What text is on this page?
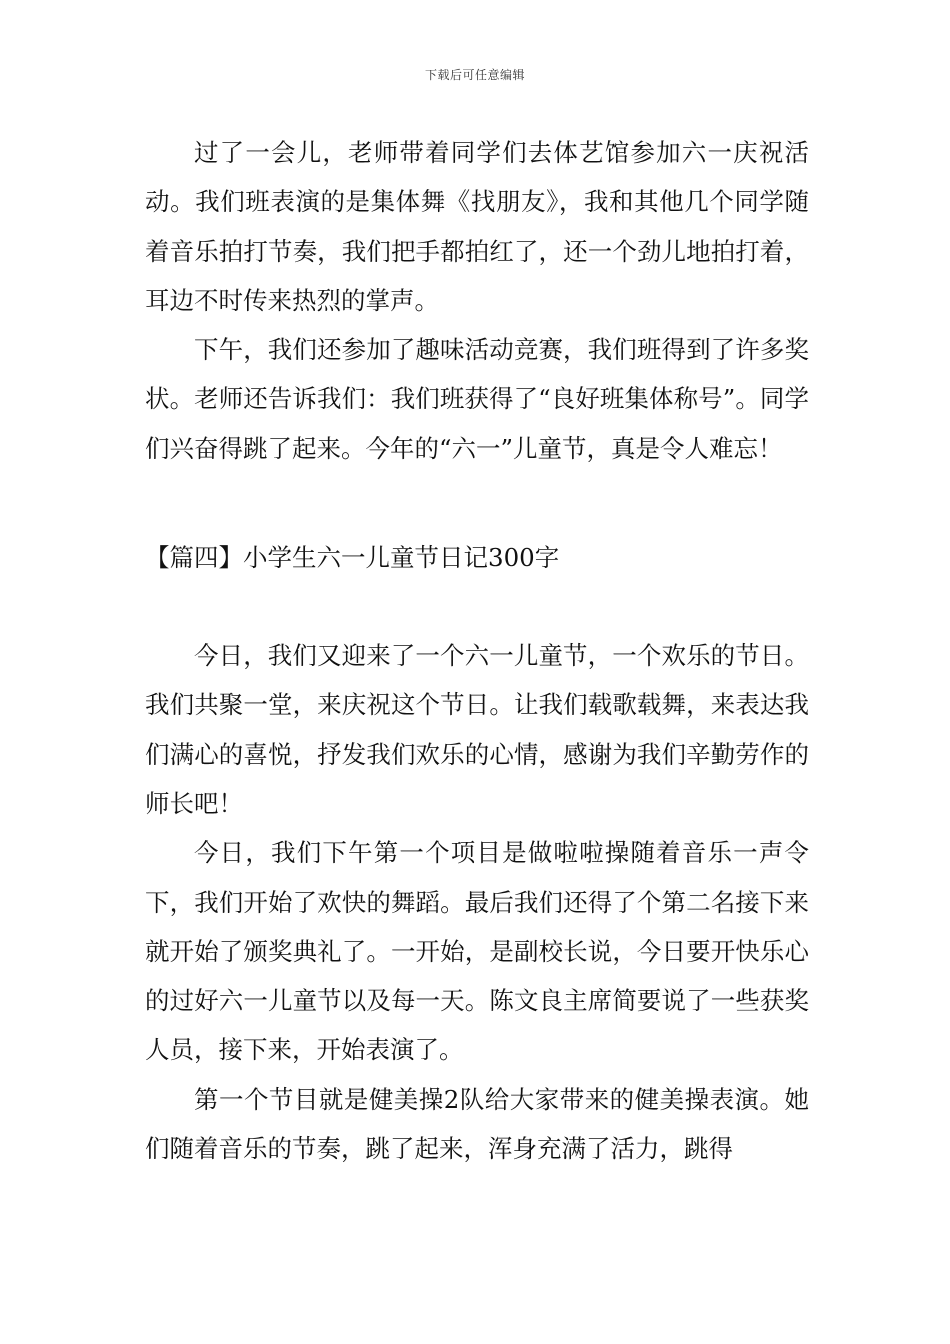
下载后可任意编辑

过了一会儿，老师带着同学们去体艺馆参加六一庆祝活动。我们班表演的是集体舞《找朋友》，我和其他几个同学随着音乐拍打节奏，我们把手都拍红了，还一个劲儿地拍打着，耳边不时传来热烈的掌声。

下午，我们还参加了趣味活动竞赛，我们班得到了许多奖状。老师还告诉我们：我们班获得了“良好班集体称号”。同学们兴奋得跳了起来。今年的“六一”儿童节，真是令人难忘！

【篇四】小学生六一儿童节日记300字

今日，我们又迎来了一个六一儿童节，一个欢乐的节日。我们共聚一堂，来庆祝这个节日。让我们载歌载舞，来表达我们满心的喜悦，抒发我们欢乐的心情，感谢为我们辛勤劳作的师长吧！

今日，我们下午第一个项目是做啦啦操随着音乐一声令下，我们开始了欢快的舞蹈。最后我们还得了个第二名接下来就开始了颁奖典礼了。一开始，是副校长说，今日要开快乐心的过好六一儿童节以及每一天。陈文良主席简要说了一些获奖人员，接下来，开始表演了。

第一个节目就是健美操2队给大家带来的健美操表演。她们随着音乐的节奏，跳了起来，浑身充满了活力，跳得
